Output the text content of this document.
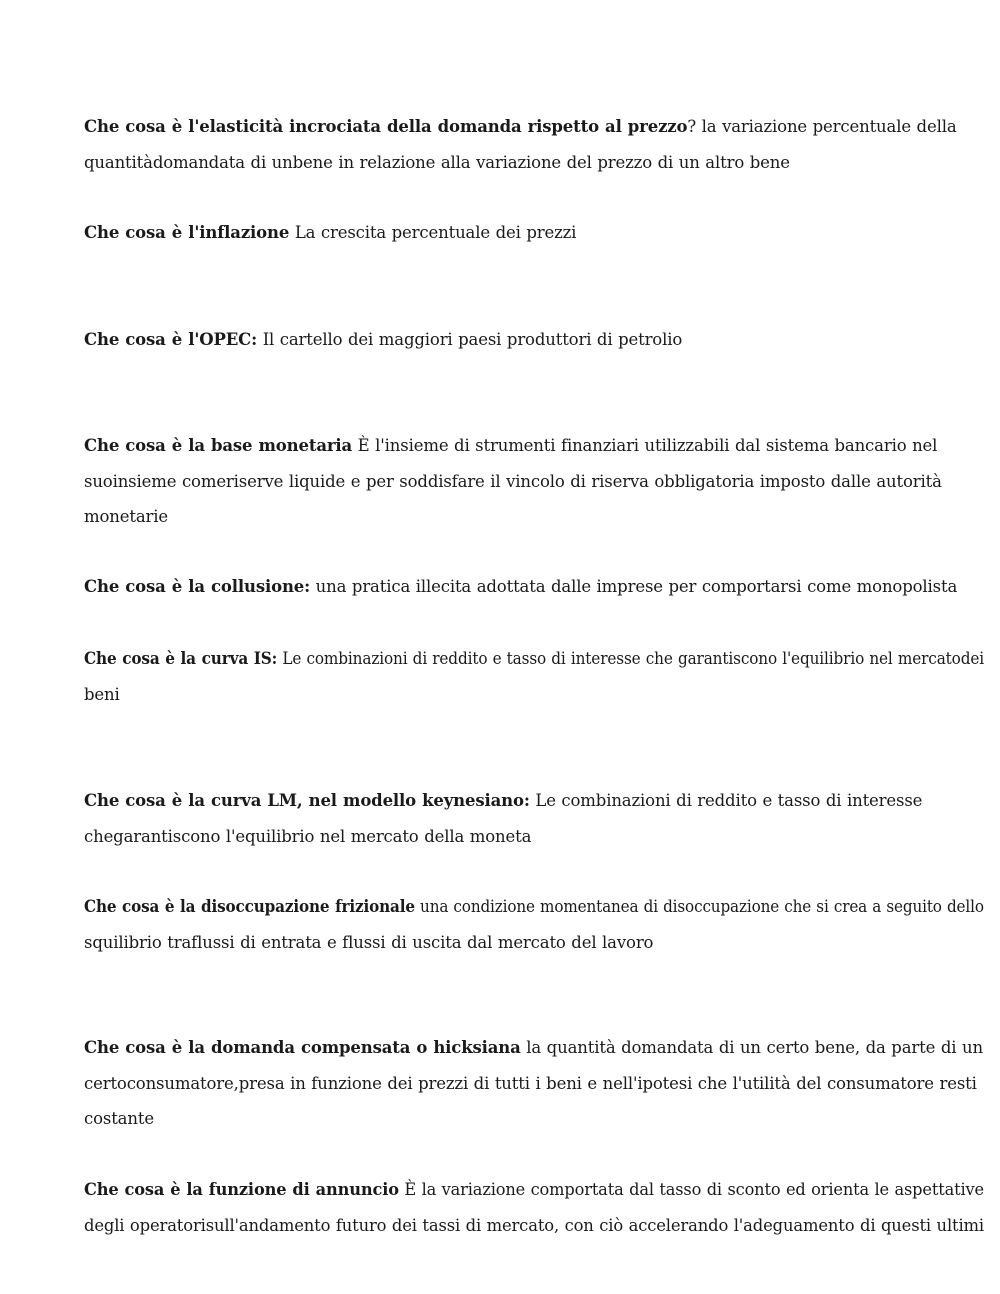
Che cosa è l'elasticità incrociata della domanda rispetto al prezzo? la variazione percentuale della
quantitàdomandata di unbene in relazione alla variazione del prezzo di un altro bene
Che cosa è l'inflazione La crescita percentuale dei prezzi
Che cosa è l'OPEC: Il cartello dei maggiori paesi produttori di petrolio
Che cosa è la base monetaria È l'insieme di strumenti finanziari utilizzabili dal sistema bancario nel
suoinsieme comeriserve liquide e per soddisfare il vincolo di riserva obbligatoria imposto dalle autorità
monetarie
Che cosa è la collusione: una pratica illecita adottata dalle imprese per comportarsi come monopolista
Che cosa è la curva IS: Le combinazioni di reddito e tasso di interesse che garantiscono l'equilibrio nel mercatodei
beni
Che cosa è la curva LM, nel modello keynesiano: Le combinazioni di reddito e tasso di interesse
chegarantiscono l'equilibrio nel mercato della moneta
Che cosa è la disoccupazione frizionale una condizione momentanea di disoccupazione che si crea a seguito dello
squilibrio traflussi di entrata e flussi di uscita dal mercato del lavoro
Che cosa è la domanda compensata o hicksiana la quantità domandata di un certo bene, da parte di un
certoconsumatore,presa in funzione dei prezzi di tutti i beni e nell'ipotesi che l'utilità del consumatore resti
costante
Che cosa è la funzione di annuncio È la variazione comportata dal tasso di sconto ed orienta le aspettative
degli operatorisull'andamento futuro dei tassi di mercato, con ciò accelerando l'adeguamento di questi ultimi
